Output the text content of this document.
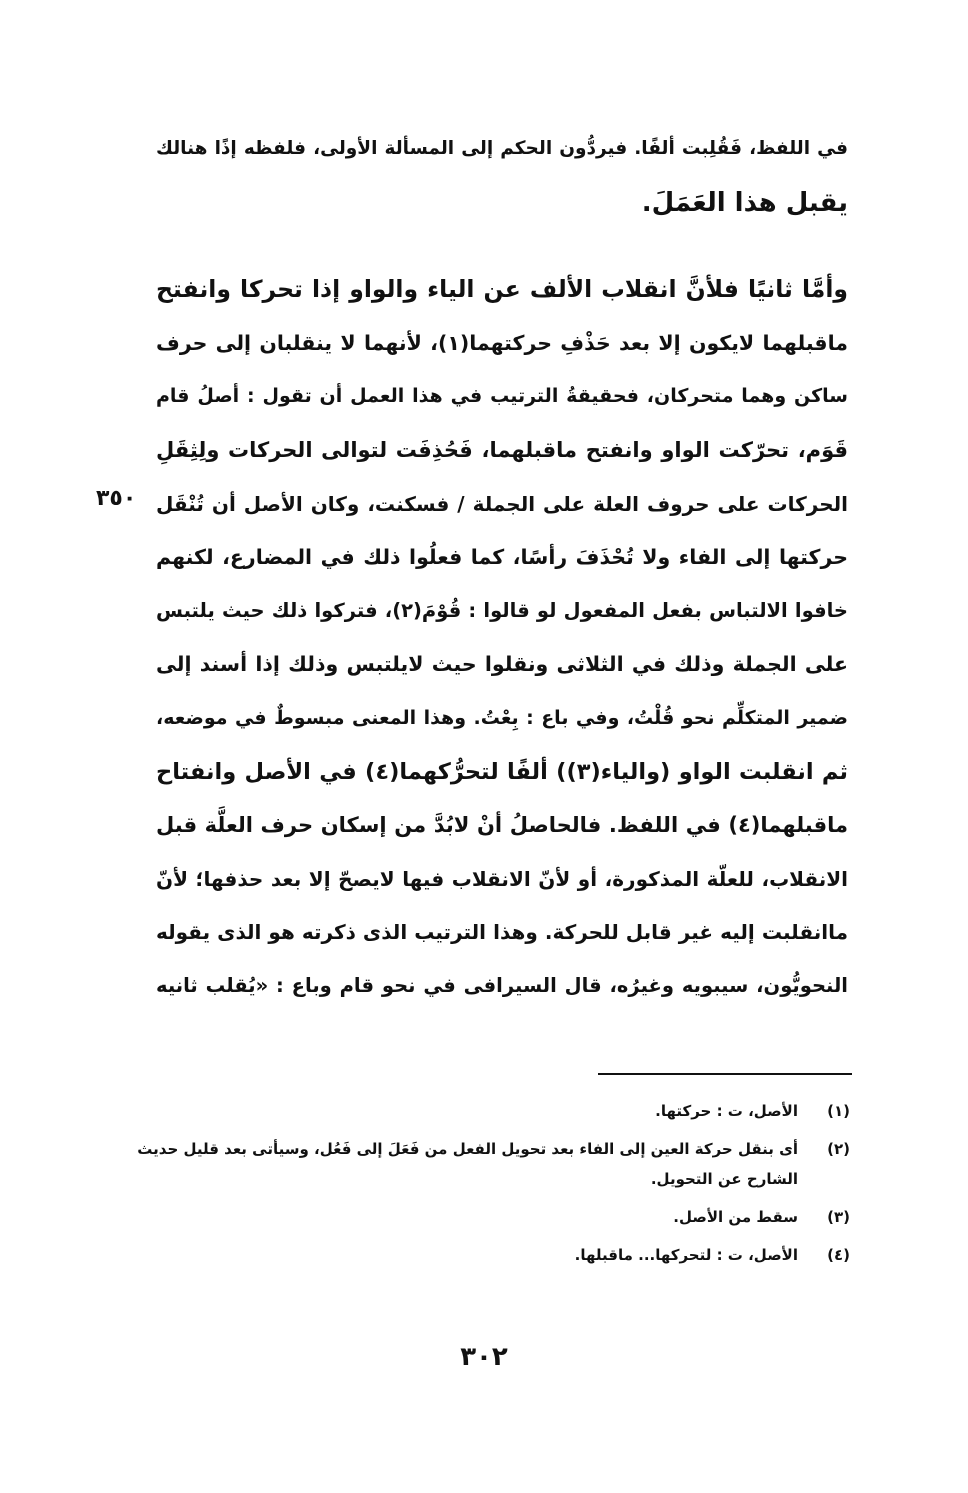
في اللفظ، فَقُلِبت ألفًا. فيردُّون الحكم إلى المسألة الأولى، فلفظه إذًا هنالك
يقبل هذا العَمَلَ.
وأمَّا ثانيًا فلأنَّ انقلاب الألف عن الياء والواو إذا تحركا وانفتح
ماقبلهما لايكون إلا بعد حَذْفِ حركتهما(١)، لأنهما لا ينقلبان إلى حرف
ساكن وهما متحركان، فحقيقةُ الترتيب في هذا العمل أن تقول : أصلُ قام
قَوَم، تحرّكت الواو وانفتح ماقبلهما، فَحُذِفَت لتوالى الحركات ولِثِقَلِ
الحركات على حروف العلة على الجملة / فسكنت، وكان الأصل أن تُنْقَل
حركتها إلى الفاء ولا تُحْذَفَ رأسًا، كما فعلُوا ذلك في المضارع، لكنهم
خافوا الالتباس بفعل المفعول لو قالوا : قُوْمَ(٢)، فتركوا ذلك حيث يلتبس
على الجملة وذلك في الثلاثى ونقلوا حيث لايلتبس وذلك إذا أسند إلى
ضمير المتكلِّم نحو قُلْتُ، وفي باع : بِعْتُ. وهذا المعنى مبسوطٌ في موضعه،
ثم انقلبت الواو (والياء(٣)) ألفًا لتحرُّكهما(٤) في الأصل وانفتاح
ماقبلهما(٤) في اللفظ. فالحاصلُ أنْ لابُدَّ من إسكان حرف العلَّة قبل
الانقلاب، للعلّة المذكورة، أو لأنّ الانقلاب فيها لايصحّ إلا بعد حذفها؛ لأنّ
ماانقلبت إليه غير قابل للحركة. وهذا الترتيب الذى ذكرته هو الذى يقوله
النحويُّون، سيبويه وغيرُه، قال السيرافى في نحو قام وباع : «يُقلب ثانيه
٣٥٠
(١)
الأصل، ت : حركتها.
(٢)
أى بنقل حركة العين إلى الفاء بعد تحويل الفعل من فَعَلَ إلى فَعُل، وسيأتى بعد قليل حديث الشارح عن التحويل.
(٣)
سقط من الأصل.
(٤)
الأصل، ت : لتحركها... ماقبلها.
٣٠٢
